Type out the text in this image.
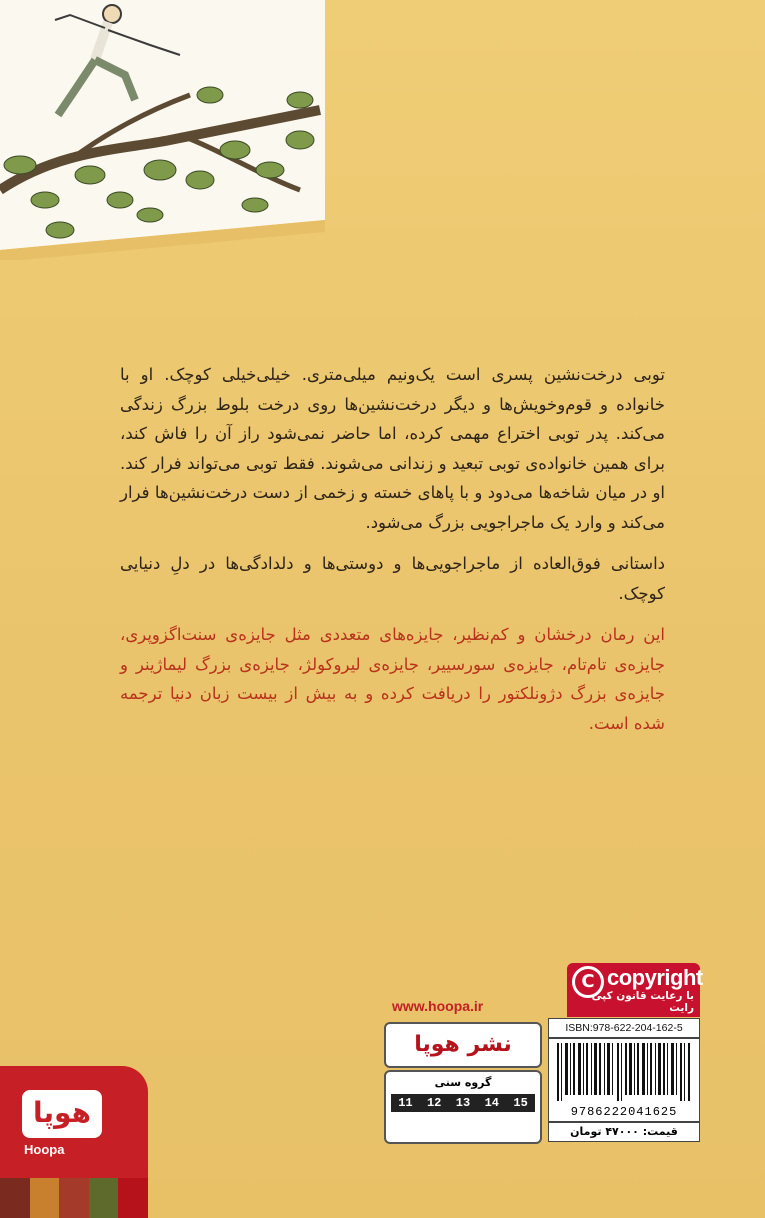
توبی درخت‌نشین پسری است یک‌ونیم میلی‌متری. خیلی‌خیلی کوچک. او با خانواده و قوم‌وخویش‌ها و دیگر درخت‌نشین‌ها روی درخت بلوط بزرگ زندگی می‌کند. پدر توبی اختراع مهمی کرده، اما حاضر نمی‌شود راز آن را فاش کند، برای همین خانواده‌ی توبی تبعید و زندانی می‌شوند. فقط توبی می‌تواند فرار کند. او در میان شاخه‌ها می‌دود و با پاهای خسته و زخمی از دست درخت‌نشین‌ها فرار می‌کند و وارد یک ماجراجویی بزرگ می‌شود.

داستانی فوق‌العاده از ماجراجویی‌ها و دوستی‌ها و دلدادگی‌ها در دلِ دنیایی کوچک.

این رمان درخشان و کم‌نظیر، جایزه‌های متعددی مثل جایزه‌ی سنت‌اگزوپری، جایزه‌ی تام‌تام، جایزه‌ی سورسییر، جایزه‌ی لیروکولژ، جایزه‌ی بزرگ لیماژینر و جایزه‌ی بزرگ دژونلکتور را دریافت کرده و به بیش از بیست زبان دنیا ترجمه شده است.

C copyright
با رعایت قانون کپی رایت
www.hoopa.ir
ISBN:978-622-204-162-5
نشر هوپا
گروه سنی
11 12 13 14 15
9786222041625
قیمت: ۴۷۰۰۰ تومان
هوپا
Hoopa
